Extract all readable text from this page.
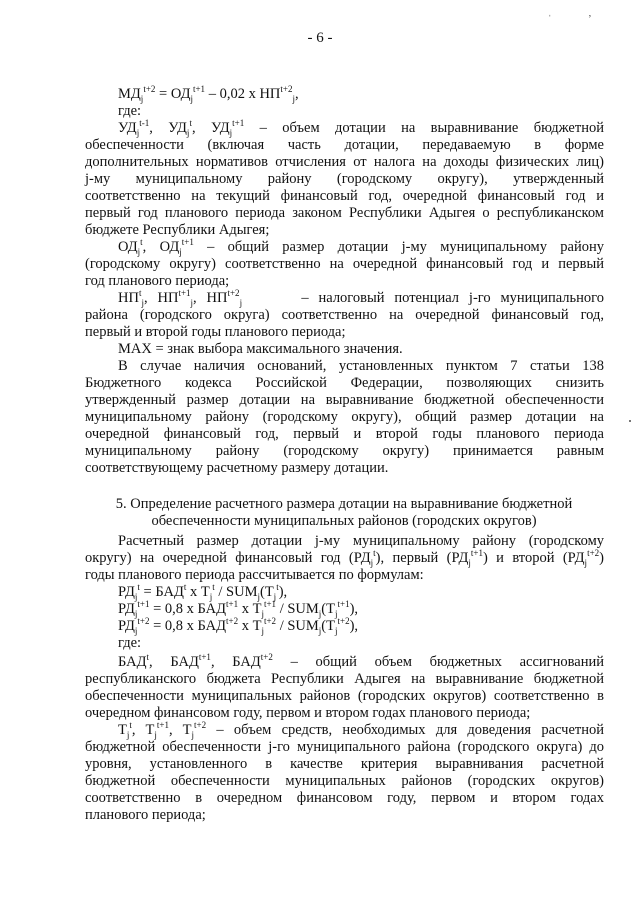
ˈ	ʼ
- 6 -
$МД_j^{t+2} = ОД_j^{t+1} - 0,02$ х $НП^{t+2}_j$,
где:
$УД_j^{t-1}$, $УД_j^t$, $УД_j^{t+1}$ – объем дотации на выравнивание бюджетной
обеспеченности (включая часть дотации, передаваемую в форме
дополнительных нормативов отчисления от налога на доходы физических лиц)
j-му муниципальному району (городскому округу), утвержденный
соответственно на текущий финансовый год, очередной финансовый год и
первый год планового периода законом Республики Адыгея о республиканском
бюджете Республики Адыгея;
$ОД_j^t$, $ОД_j^{t+1}$ – общий размер дотации j-му муниципальному району
(городскому округу) соответственно на очередной финансовый год и первый
год планового периода;
$НП^t_j$, $НП^{t+1}_j$, $НП^{t+2}_j$      – налоговый потенциал j-го муниципального
района (городского округа) соответственно на очередной финансовый год,
первый и второй годы планового периода;
MAX = знак выбора максимального значения.
В случае наличия оснований, установленных пунктом 7 статьи 138
Бюджетного кодекса Российской Федерации, позволяющих снизить
утвержденный размер дотации на выравнивание бюджетной обеспеченности
муниципальному району (городскому округу), общий размер дотации на
очередной финансовый год, первый и второй годы планового периода
муниципальному району (городскому округу) принимается равным
соответствующему расчетному размеру дотации.
5. Определение расчетного размера дотации на выравнивание бюджетной
обеспеченности муниципальных районов (городских округов)
Расчетный размер дотации j-му муниципальному району (городскому
округу) на очередной финансовый год $(РД_j^t)$, первый $(РД_j^{t+1})$ и второй $(РД_j^{t+2})$
годы планового периода рассчитывается по формулам:
$РД_j^t = БАД^t$ х $T_j^t / SUM_j(T_j^t)$,
$РД_j^{t+1} = 0,8$ х $БАД^{t+1}$ х $T_j^{t+1} / SUM_j(T_j^{t+1})$,
$РД_j^{t+2} = 0,8$ х $БАД^{t+2}$ х $T_j^{t+2} / SUM_j(T_j^{t+2})$,
где:
БАД$^t$, $БАД^{t+1}$, $БАД^{t+2}$ – общий объем бюджетных ассигнований
республиканского бюджета Республики Адыгея на выравнивание бюджетной
обеспеченности муниципальных районов (городских округов) соответственно в
очередном финансовом году, первом и втором годах планового периода;
$T_j^t$, $T_j^{t+1}$, $T_j^{t+2}$ – объем средств, необходимых для доведения расчетной
бюджетной обеспеченности j-го муниципального района (городского округа) до
уровня, установленного в качестве критерия выравнивания расчетной
бюджетной обеспеченности муниципальных районов (городских округов)
соответственно в очередном финансовом году, первом и втором годах
планового периода;
